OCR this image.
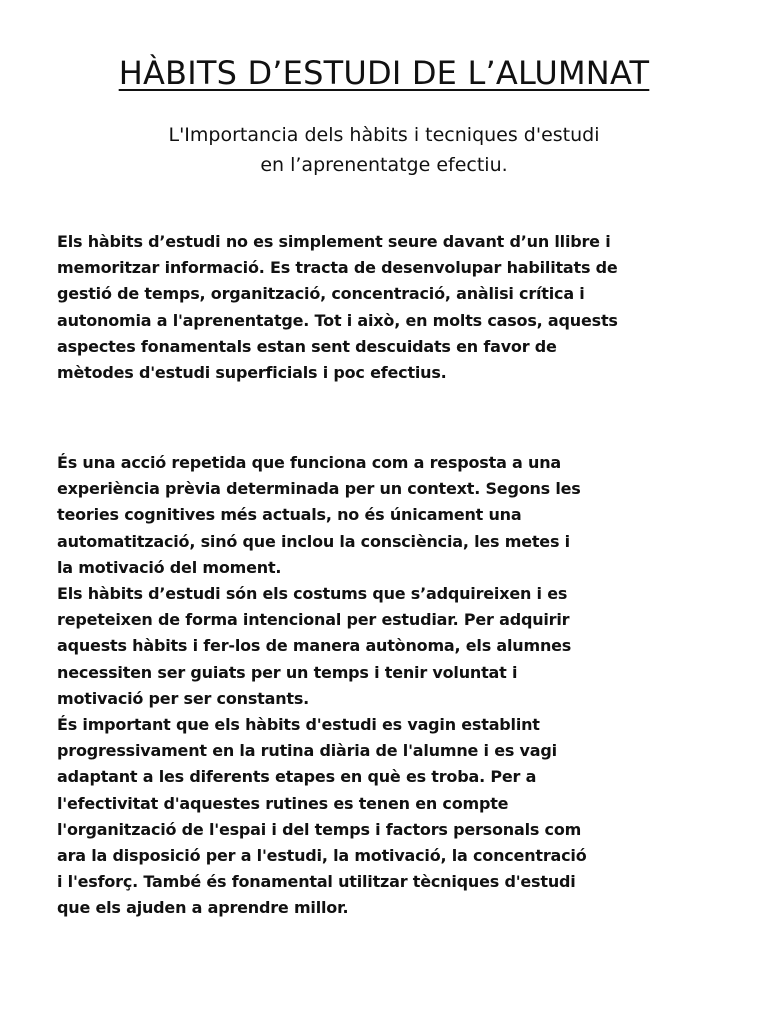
HÀBITS D’ESTUDI DE L’ALUMNAT
L'Importancia dels hàbits i tecniques d'estudi
en l’aprenentatge efectiu.

Els hàbits d’estudi no es simplement seure davant d’un llibre i
memoritzar informació. Es tracta de desenvolupar habilitats de
gestió de temps, organització, concentració, anàlisi crítica i
autonomia a l'aprenentatge. Tot i això, en molts casos, aquests
aspectes fonamentals estan sent descuidats en favor de
mètodes d'estudi superficials i poc efectius.

És una acció repetida que funciona com a resposta a una
experiència prèvia determinada per un context. Segons les
teories cognitives més actuals, no és únicament una
automatització, sinó que inclou la consciència, les metes i
la motivació del moment.
Els hàbits d’estudi són els costums que s’adquireixen i es
repeteixen de forma intencional per estudiar. Per adquirir
aquests hàbits i fer-los de manera autònoma, els alumnes
necessiten ser guiats per un temps i tenir voluntat i
motivació per ser constants.
És important que els hàbits d'estudi es vagin establint
progressivament en la rutina diària de l'alumne i es vagi
adaptant a les diferents etapes en què es troba. Per a
l'efectivitat d'aquestes rutines es tenen en compte
l'organització de l'espai i del temps i factors personals com
ara la disposició per a l'estudi, la motivació, la concentració
i l'esforç. També és fonamental utilitzar tècniques d'estudi
que els ajuden a aprendre millor.
